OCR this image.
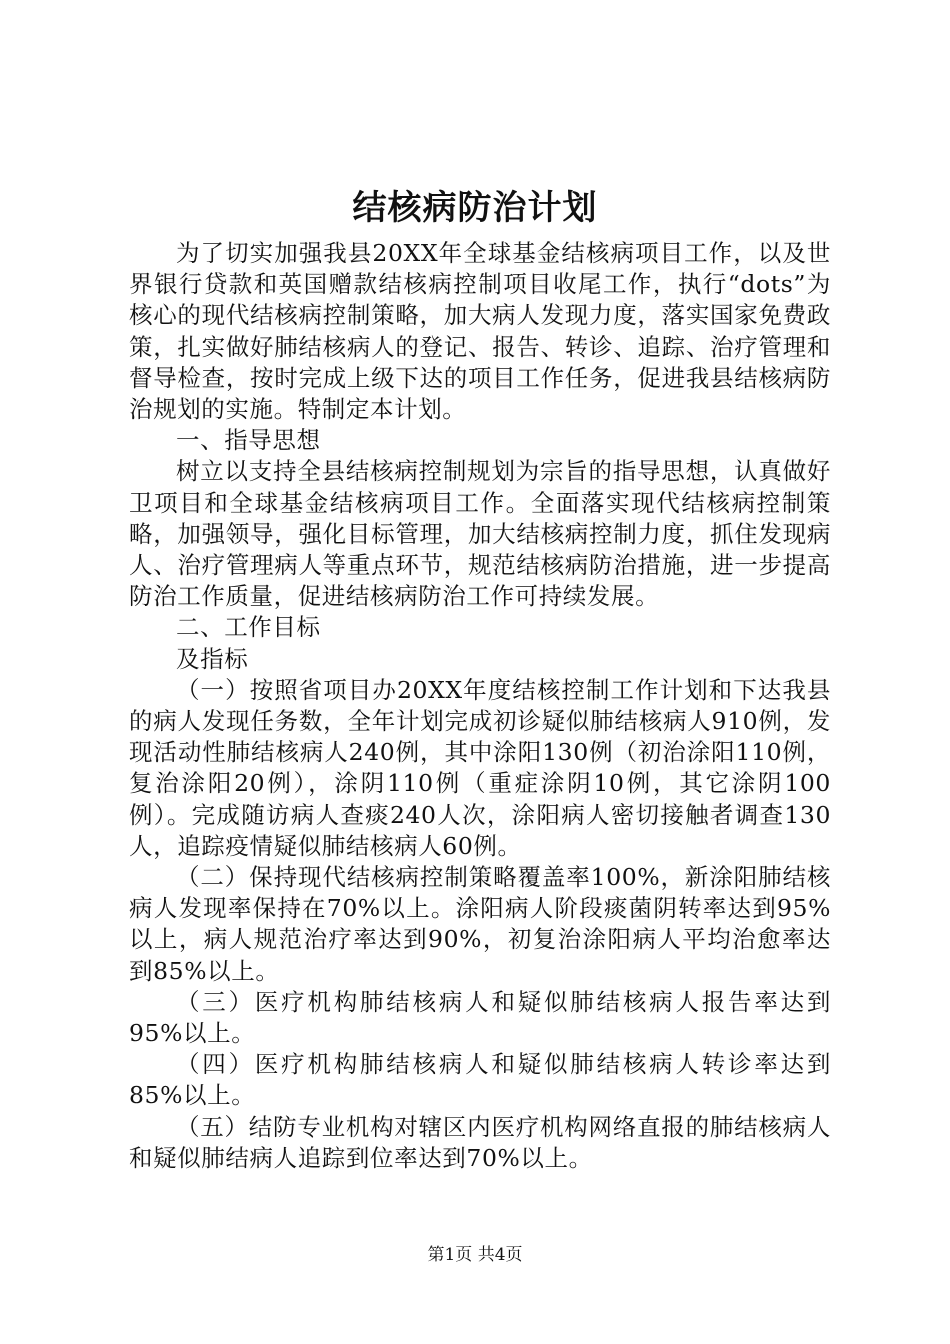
结核病防治计划

为了切实加强我县20XX年全球基金结核病项目工作，以及世界银行贷款和英国赠款结核病控制项目收尾工作，执行“dots”为核心的现代结核病控制策略，加大病人发现力度，落实国家免费政策，扎实做好肺结核病人的登记、报告、转诊、追踪、治疗管理和督导检查，按时完成上级下达的项目工作任务，促进我县结核病防治规划的实施。特制定本计划。

一、指导思想

树立以支持全县结核病控制规划为宗旨的指导思想，认真做好卫项目和全球基金结核病项目工作。全面落实现代结核病控制策略，加强领导，强化目标管理，加大结核病控制力度，抓住发现病人、治疗管理病人等重点环节，规范结核病防治措施，进一步提高防治工作质量，促进结核病防治工作可持续发展。

二、工作目标

及指标

（一）按照省项目办20XX年度结核控制工作计划和下达我县的病人发现任务数，全年计划完成初诊疑似肺结核病人910例，发现活动性肺结核病人240例，其中涂阳130例（初治涂阳110例，复治涂阳20例），涂阴110例（重症涂阴10例，其它涂阴100例）。完成随访病人查痰240人次，涂阳病人密切接触者调查130人，追踪疫情疑似肺结核病人60例。

（二）保持现代结核病控制策略覆盖率100%，新涂阳肺结核病人发现率保持在70%以上。涂阳病人阶段痰菌阴转率达到95%以上，病人规范治疗率达到90%，初复治涂阳病人平均治愈率达到85%以上。

（三）医疗机构肺结核病人和疑似肺结核病人报告率达到95%以上。

（四）医疗机构肺结核病人和疑似肺结核病人转诊率达到85%以上。

（五）结防专业机构对辖区内医疗机构网络直报的肺结核病人和疑似肺结病人追踪到位率达到70%以上。

第1页 共4页
